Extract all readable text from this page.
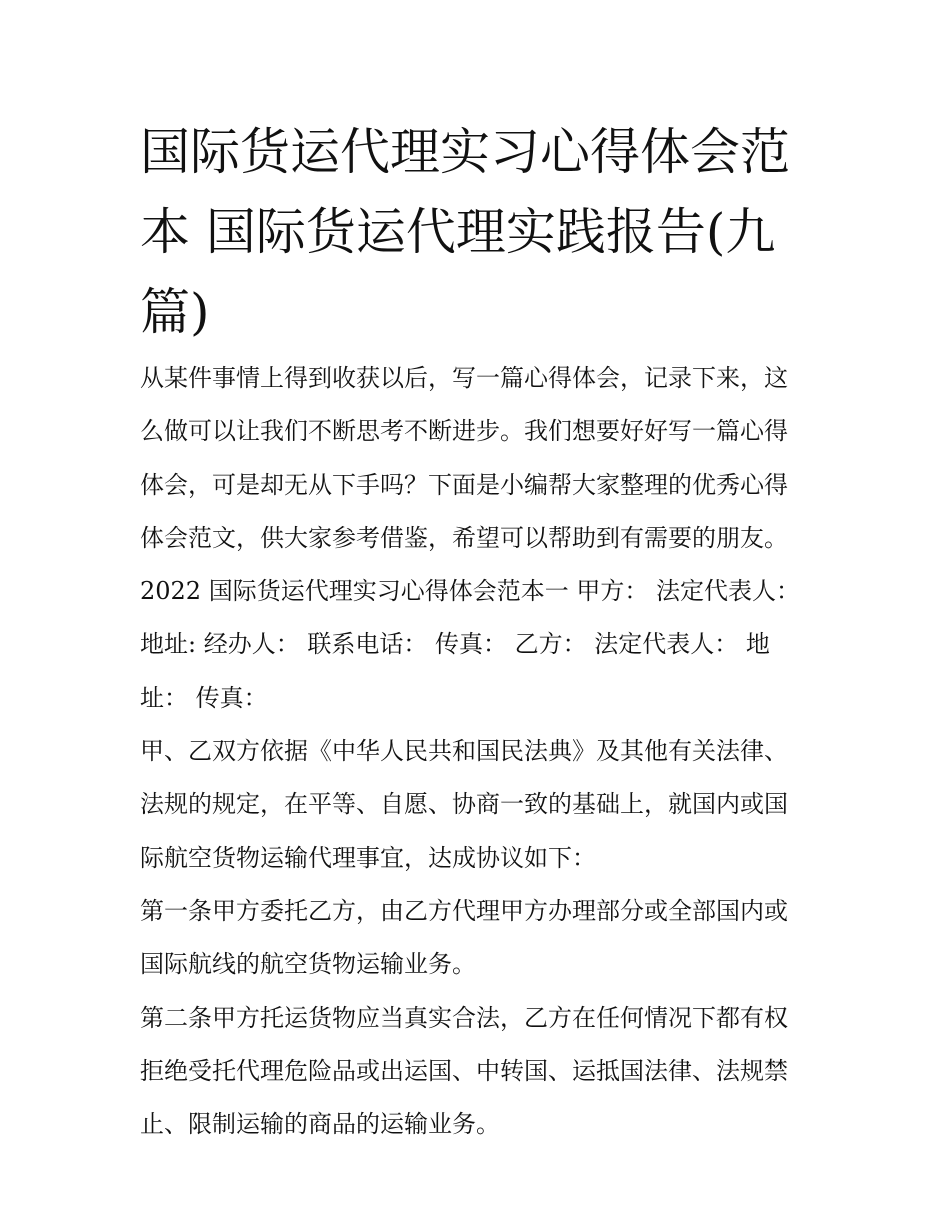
国际货运代理实习心得体会范
本 国际货运代理实践报告(九
篇)
从某件事情上得到收获以后，写一篇心得体会，记录下来，这
么做可以让我们不断思考不断进步。我们想要好好写一篇心得
体会，可是却无从下手吗？下面是小编帮大家整理的优秀心得
体会范文，供大家参考借鉴，希望可以帮助到有需要的朋友。
2022 国际货运代理实习心得体会范本一 甲方： 法定代表人：
地址: 经办人： 联系电话： 传真： 乙方： 法定代表人： 地
址： 传真：
甲、乙双方依据《中华人民共和国民法典》及其他有关法律、
法规的规定，在平等、自愿、协商一致的基础上，就国内或国
际航空货物运输代理事宜，达成协议如下：
第一条甲方委托乙方，由乙方代理甲方办理部分或全部国内或
国际航线的航空货物运输业务。
第二条甲方托运货物应当真实合法，乙方在任何情况下都有权
拒绝受托代理危险品或出运国、中转国、运抵国法律、法规禁
止、限制运输的商品的运输业务。
